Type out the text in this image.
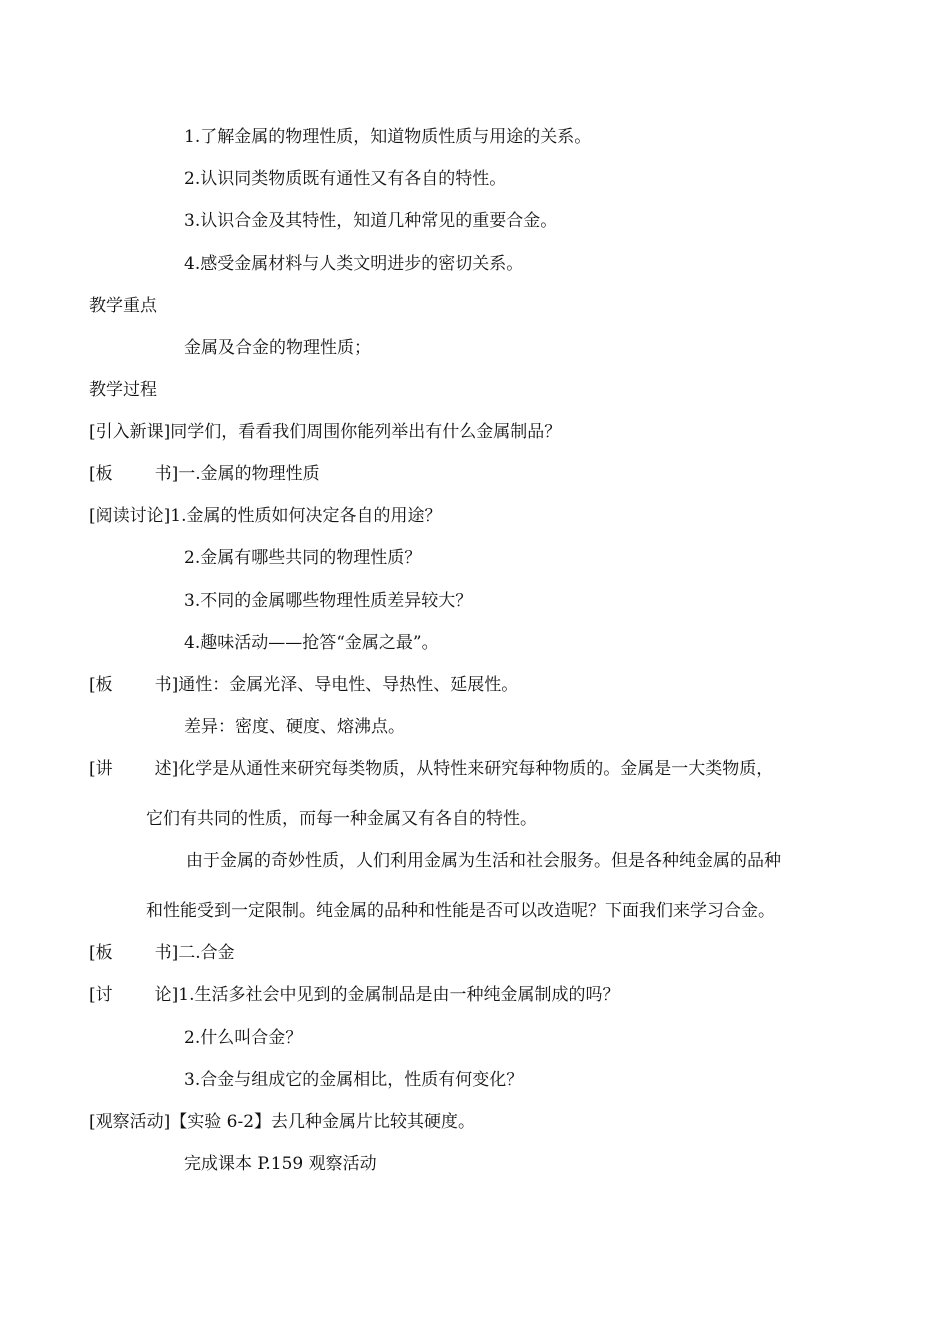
1.了解金属的物理性质，知道物质性质与用途的关系。
2.认识同类物质既有通性又有各自的特性。
3.认识合金及其特性，知道几种常见的重要合金。
4.感受金属材料与人类文明进步的密切关系。
教学重点
金属及合金的物理性质；
教学过程
[引入新课]同学们，看看我们周围你能列举出有什么金属制品？
[板 书]一.金属的物理性质
[阅读讨论]1.金属的性质如何决定各自的用途？
2.金属有哪些共同的物理性质？
3.不同的金属哪些物理性质差异较大？
4.趣味活动——抢答“金属之最”。
[板 书]通性：金属光泽、导电性、导热性、延展性。
差异：密度、硬度、熔沸点。
[讲 述]化学是从通性来研究每类物质，从特性来研究每种物质的。金属是一大类物质，
它们有共同的性质，而每一种金属又有各自的特性。
由于金属的奇妙性质，人们利用金属为生活和社会服务。但是各种纯金属的品种
和性能受到一定限制。纯金属的品种和性能是否可以改造呢？下面我们来学习合金。
[板 书]二.合金
[讨 论]1.生活多社会中见到的金属制品是由一种纯金属制成的吗？
2.什么叫合金？
3.合金与组成它的金属相比，性质有何变化？
[观察活动]【实验 6-2】去几种金属片比较其硬度。
完成课本 P.159 观察活动
